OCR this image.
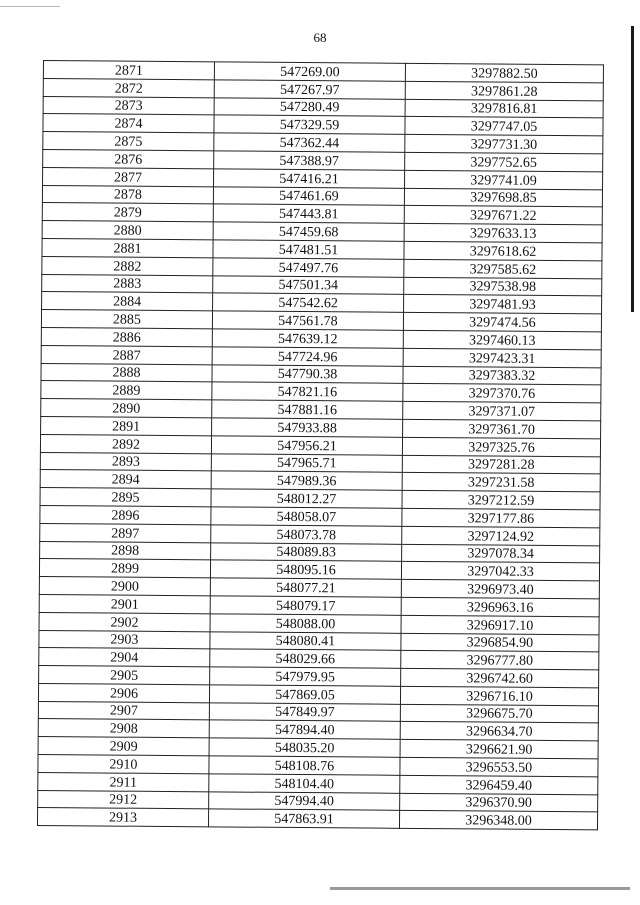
68
2871	547269.00	3297882.50
2872	547267.97	3297861.28
2873	547280.49	3297816.81
2874	547329.59	3297747.05
2875	547362.44	3297731.30
2876	547388.97	3297752.65
2877	547416.21	3297741.09
2878	547461.69	3297698.85
2879	547443.81	3297671.22
2880	547459.68	3297633.13
2881	547481.51	3297618.62
2882	547497.76	3297585.62
2883	547501.34	3297538.98
2884	547542.62	3297481.93
2885	547561.78	3297474.56
2886	547639.12	3297460.13
2887	547724.96	3297423.31
2888	547790.38	3297383.32
2889	547821.16	3297370.76
2890	547881.16	3297371.07
2891	547933.88	3297361.70
2892	547956.21	3297325.76
2893	547965.71	3297281.28
2894	547989.36	3297231.58
2895	548012.27	3297212.59
2896	548058.07	3297177.86
2897	548073.78	3297124.92
2898	548089.83	3297078.34
2899	548095.16	3297042.33
2900	548077.21	3296973.40
2901	548079.17	3296963.16
2902	548088.00	3296917.10
2903	548080.41	3296854.90
2904	548029.66	3296777.80
2905	547979.95	3296742.60
2906	547869.05	3296716.10
2907	547849.97	3296675.70
2908	547894.40	3296634.70
2909	548035.20	3296621.90
2910	548108.76	3296553.50
2911	548104.40	3296459.40
2912	547994.40	3296370.90
2913	547863.91	3296348.00
